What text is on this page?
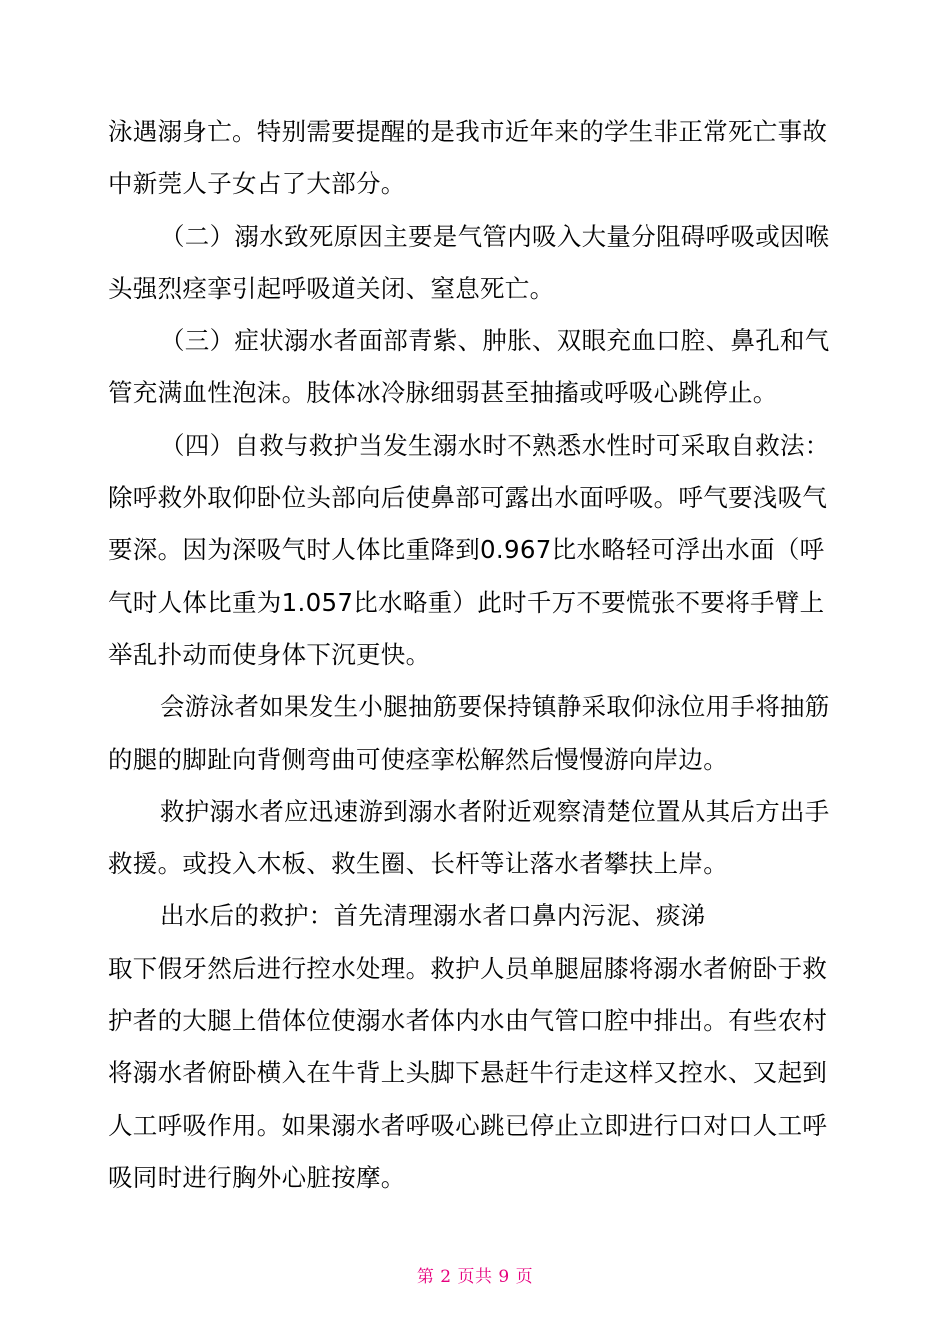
泳遇溺身亡。特别需要提醒的是我市近年来的学生非正常死亡事故中新莞人子女占了大部分。

（二）溺水致死原因主要是气管内吸入大量分阻碍呼吸或因喉头强烈痉挛引起呼吸道关闭、窒息死亡。

（三）症状溺水者面部青紫、肿胀、双眼充血口腔、鼻孔和气管充满血性泡沫。肢体冰冷脉细弱甚至抽搐或呼吸心跳停止。

（四）自救与救护当发生溺水时不熟悉水性时可采取自救法：除呼救外取仰卧位头部向后使鼻部可露出水面呼吸。呼气要浅吸气要深。因为深吸气时人体比重降到0.967比水略轻可浮出水面（呼气时人体比重为1.057比水略重）此时千万不要慌张不要将手臂上举乱扑动而使身体下沉更快。

会游泳者如果发生小腿抽筋要保持镇静采取仰泳位用手将抽筋的腿的脚趾向背侧弯曲可使痉挛松解然后慢慢游向岸边。

救护溺水者应迅速游到溺水者附近观察清楚位置从其后方出手救援。或投入木板、救生圈、长杆等让落水者攀扶上岸。

出水后的救护：首先清理溺水者口鼻内污泥、痰涕

取下假牙然后进行控水处理。救护人员单腿屈膝将溺水者俯卧于救护者的大腿上借体位使溺水者体内水由气管口腔中排出。有些农村将溺水者俯卧横入在牛背上头脚下悬赶牛行走这样又控水、又起到人工呼吸作用。如果溺水者呼吸心跳已停止立即进行口对口人工呼吸同时进行胸外心脏按摩。

第 2 页共 9 页
